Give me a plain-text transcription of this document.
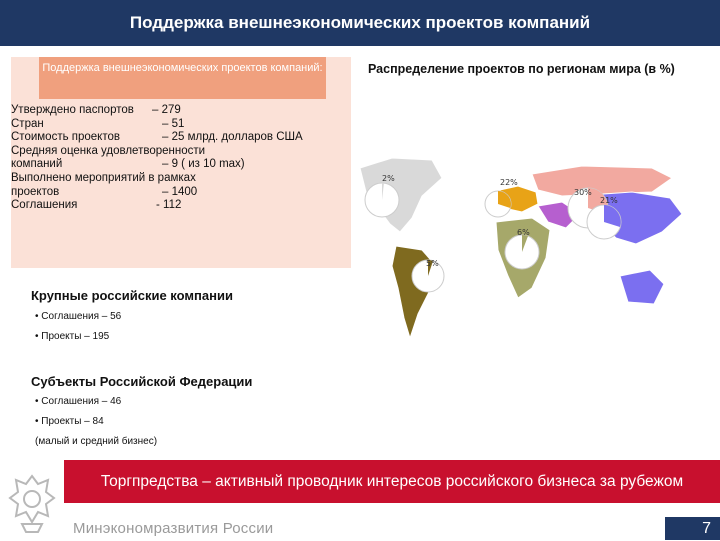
Поддержка внешнеэкономических проектов компаний
Поддержка внешнеэкономических проектов компаний:
Утверждено паспортов – 279
Стран	– 51
Стоимость проектов	– 25 млрд. долларов США
Средняя оценка удовлетворенности
компаний	– 9 ( из 10 max)
Выполнено мероприятий в рамках
проектов	– 1400
Соглашения	- 112
Распределение проектов по регионам мира (в %)
2%	22%
30%
21%
6%
5%
Крупные российские компании
• Соглашения – 56
• Проекты – 195
Субъекты Российской Федерации
• Соглашения – 46
• Проекты – 84
(малый и средний бизнес)
Торгпредства – активный проводник интересов российского бизнеса за рубежом
Минэкономразвития России	7
